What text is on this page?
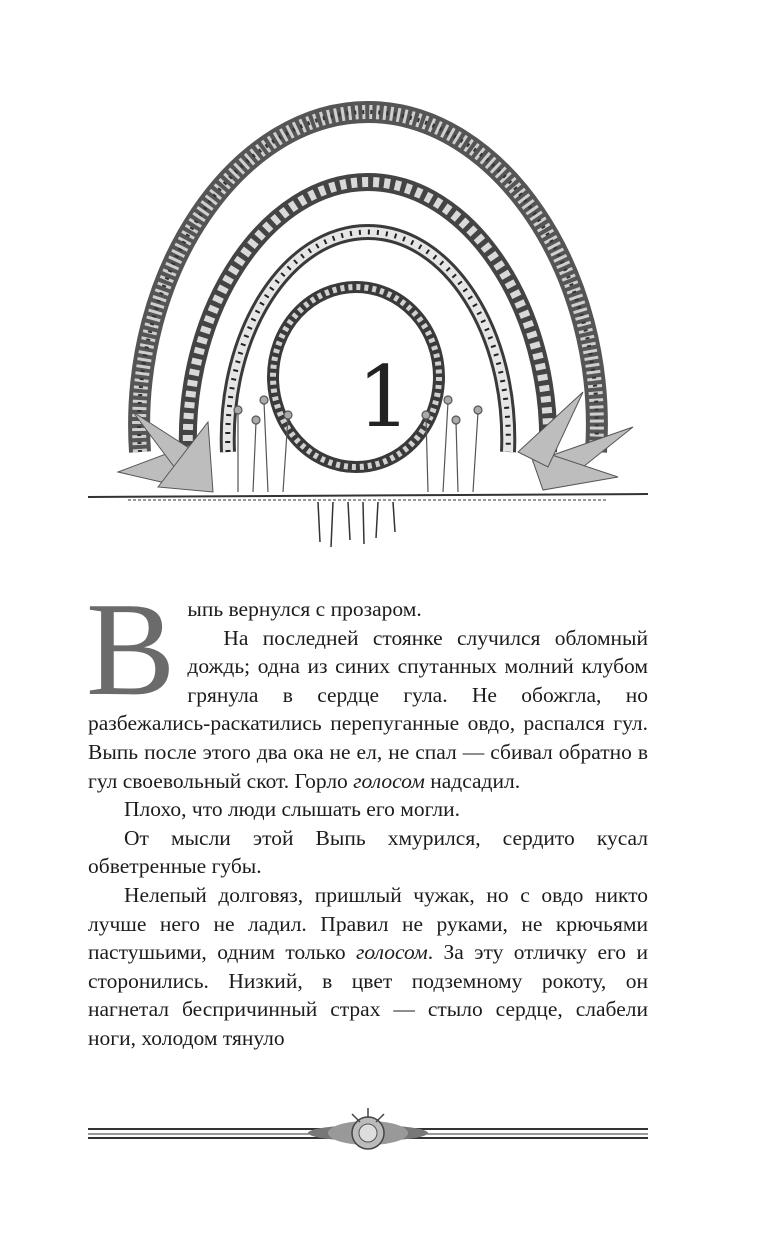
1

Выпь вернулся с прозаром.

На последней стоянке случился обломный дождь; одна из синих спутанных молний клубом грянула в сердце гула. Не обожгла, но разбежались-раскатились перепуганные овдо, распался гул. Выпь после этого два ока не ел, не спал — сбивал обратно в гул своевольный скот. Горло голосом надсадил.

Плохо, что люди слышать его могли.

От мысли этой Выпь хмурился, сердито кусал обветренные губы.

Нелепый долговяз, пришлый чужак, но с овдо никто лучше него не ладил. Правил не руками, не крючьями пастушьими, одним только голосом. За эту отличку его и сторонились. Низкий, в цвет подземному рокоту, он нагнетал беспричинный страх — стыло сердце, слабели ноги, холодом тянуло
